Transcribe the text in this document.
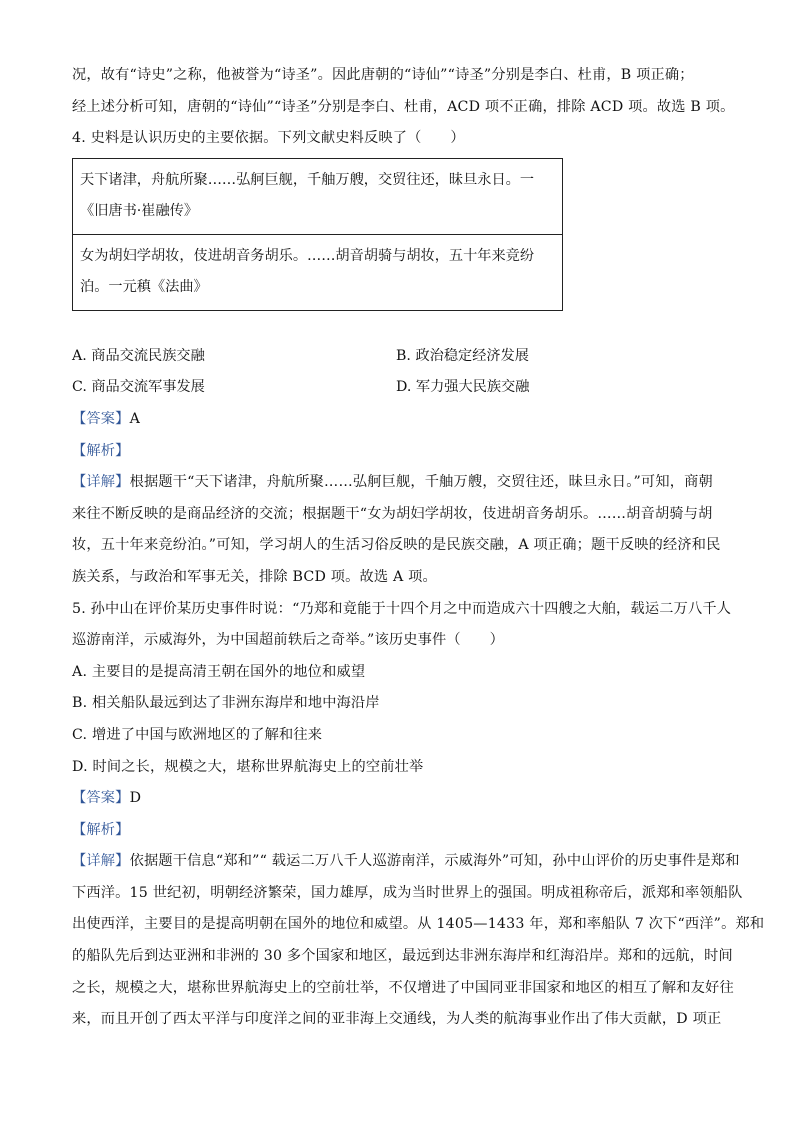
况，故有“诗史”之称，他被誉为“诗圣”。因此唐朝的“诗仙”“诗圣”分别是李白、杜甫，B 项正确；
经上述分析可知，唐朝的“诗仙”“诗圣”分别是李白、杜甫，ACD 项不正确，排除 ACD 项。故选 B 项。
4. 史料是认识历史的主要依据。下列文献史料反映了（　　）
天下诸津，舟航所聚……弘舸巨舰，千舳万艘，交贸往还，昧旦永日。一
《旧唐书·崔融传》

女为胡妇学胡妆，伎进胡音务胡乐。……胡音胡骑与胡妆，五十年来竞纷
泊。一元稹《法曲》
A. 商品交流民族交融	B. 政治稳定经济发展
C. 商品交流军事发展	D. 军力强大民族交融
【答案】A
【解析】
【详解】根据题干“天下诸津，舟航所聚……弘舸巨舰，千舳万艘，交贸往还，昧旦永日。”可知，商朝
来往不断反映的是商品经济的交流；根据题干“女为胡妇学胡妆，伎进胡音务胡乐。……胡音胡骑与胡
妆，五十年来竞纷泊。”可知，学习胡人的生活习俗反映的是民族交融，A 项正确；题干反映的经济和民
族关系，与政治和军事无关，排除 BCD 项。故选 A 项。
5. 孙中山在评价某历史事件时说：“乃郑和竟能于十四个月之中而造成六十四艘之大舶，载运二万八千人
巡游南洋，示威海外，为中国超前轶后之奇举。”该历史事件（　　）
A. 主要目的是提高清王朝在国外的地位和威望
B. 相关船队最远到达了非洲东海岸和地中海沿岸
C. 增进了中国与欧洲地区的了解和往来
D. 时间之长，规模之大，堪称世界航海史上的空前壮举
【答案】D
【解析】
【详解】依据题干信息“郑和”“ 载运二万八千人巡游南洋，示威海外”可知，孙中山评价的历史事件是郑和
下西洋。15 世纪初，明朝经济繁荣，国力雄厚，成为当时世界上的强国。明成祖称帝后，派郑和率领船队
出使西洋，主要目的是提高明朝在国外的地位和威望。从 1405—1433 年，郑和率船队 7 次下“西洋”。郑和
的船队先后到达亚洲和非洲的 30 多个国家和地区，最远到达非洲东海岸和红海沿岸。郑和的远航，时间
之长，规模之大，堪称世界航海史上的空前壮举，不仅增进了中国同亚非国家和地区的相互了解和友好往
来，而且开创了西太平洋与印度洋之间的亚非海上交通线，为人类的航海事业作出了伟大贡献，D 项正
